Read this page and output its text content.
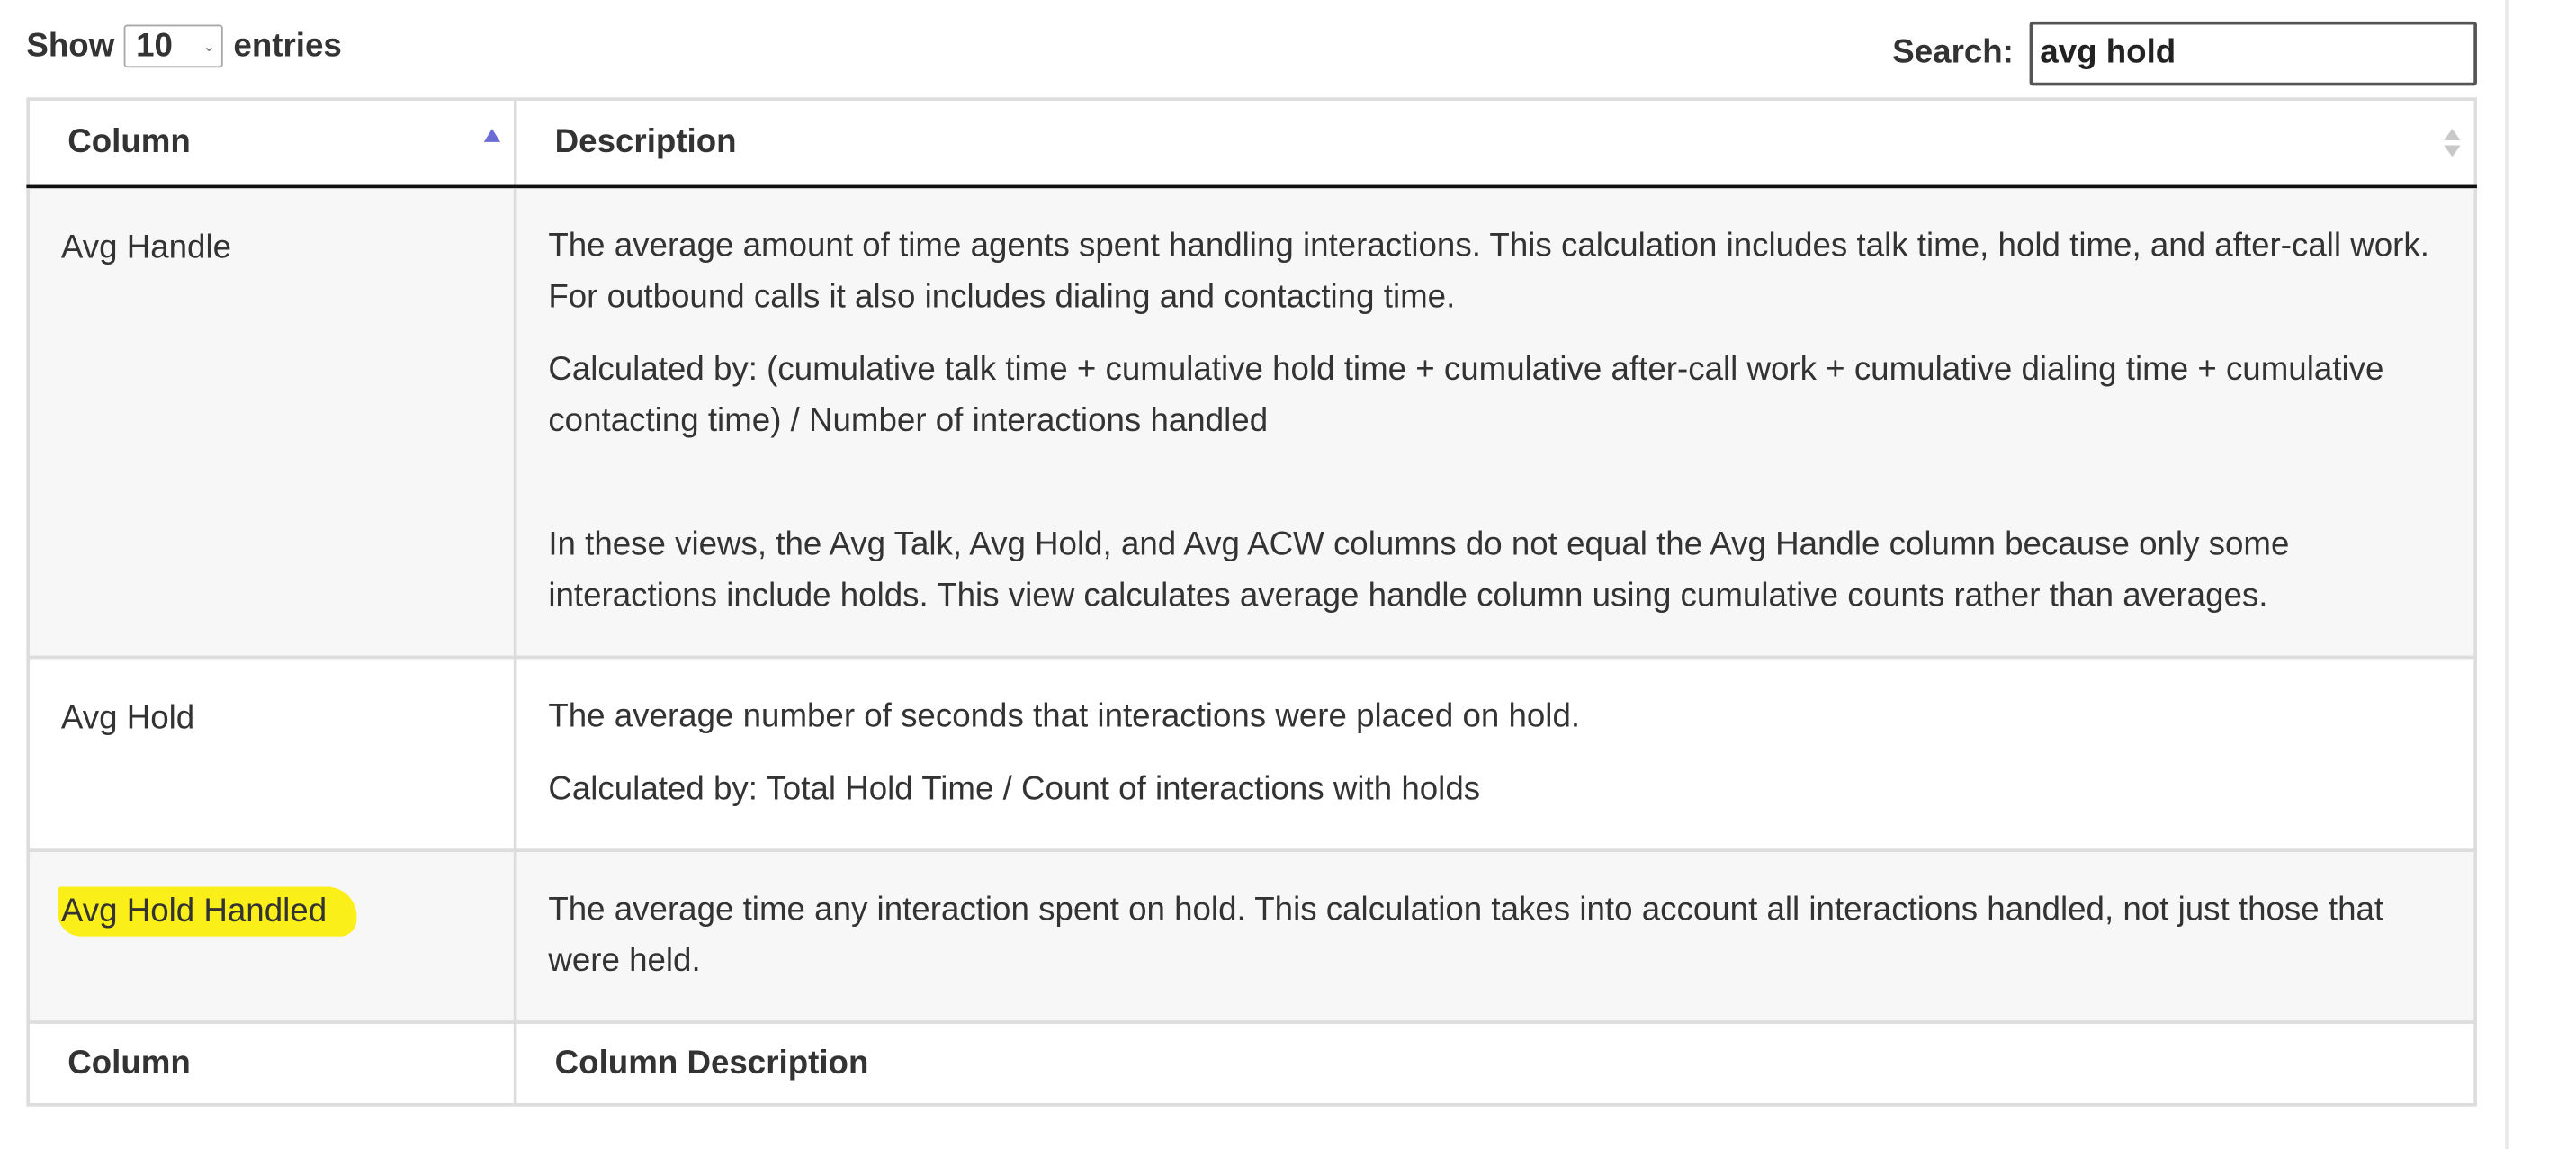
Show 10	⌄ entries	Search:	avg hold
Column	Description

Avg Handle	The average amount of time agents spent handling interactions. This calculation includes talk time, hold time, and after-call work. For outbound calls it also includes dialing and contacting time.

Calculated by: (cumulative talk time + cumulative hold time + cumulative after-call work + cumulative dialing time + cumulative contacting time) / Number of interactions handled

In these views, the Avg Talk, Avg Hold, and Avg ACW columns do not equal the Avg Handle column because only some interactions include holds. This view calculates average handle column using cumulative counts rather than averages.

Avg Hold	The average number of seconds that interactions were placed on hold.

Calculated by: Total Hold Time / Count of interactions with holds

Avg Hold Handled	The average time any interaction spent on hold. This calculation takes into account all interactions handled, not just those that were held.

Column	Column Description
